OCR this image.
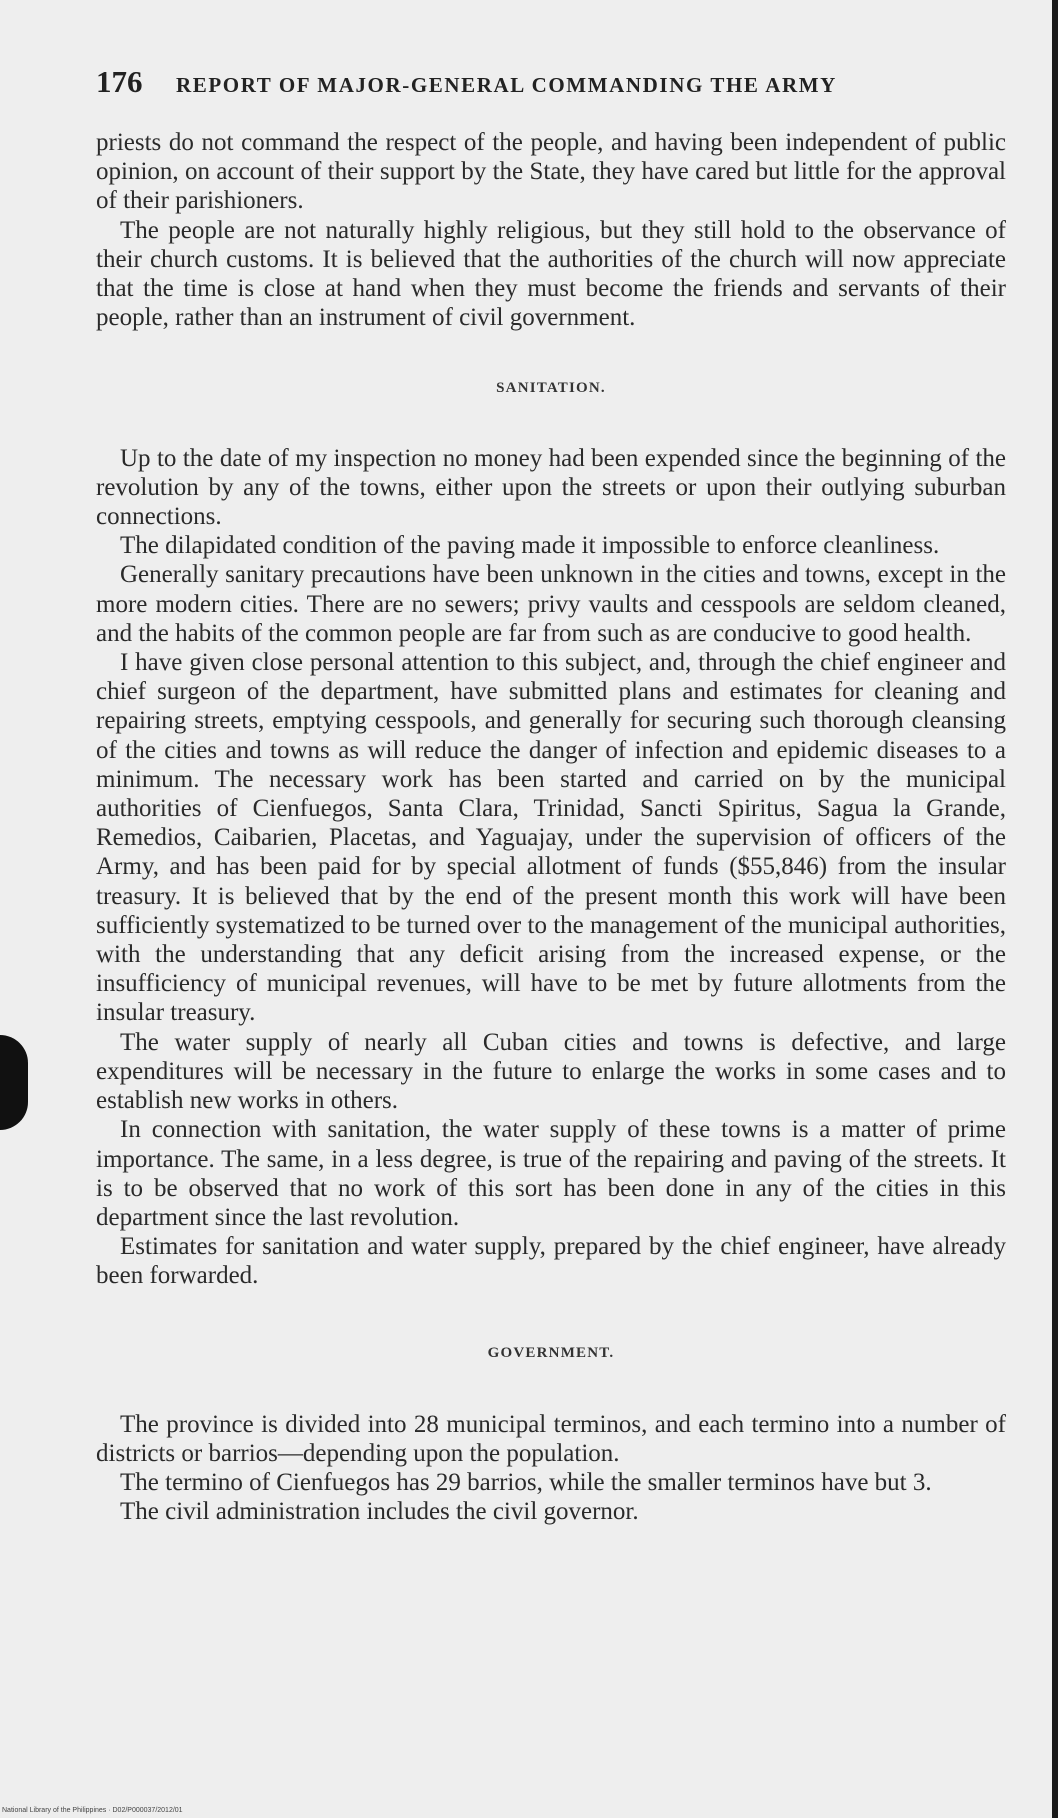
176	REPORT OF MAJOR-GENERAL COMMANDING THE ARMY

priests do not command the respect of the people, and having been independent of public opinion, on account of their support by the State, they have cared but little for the approval of their parishioners.

The people are not naturally highly religious, but they still hold to the observance of their church customs. It is believed that the authorities of the church will now appreciate that the time is close at hand when they must become the friends and servants of their people, rather than an instrument of civil government.

SANITATION.

Up to the date of my inspection no money had been expended since the beginning of the revolution by any of the towns, either upon the streets or upon their outlying suburban connections.

The dilapidated condition of the paving made it impossible to enforce cleanliness.

Generally sanitary precautions have been unknown in the cities and towns, except in the more modern cities. There are no sewers; privy vaults and cesspools are seldom cleaned, and the habits of the common people are far from such as are conducive to good health.

I have given close personal attention to this subject, and, through the chief engineer and chief surgeon of the department, have submitted plans and estimates for cleaning and repairing streets, emptying cesspools, and generally for securing such thorough cleansing of the cities and towns as will reduce the danger of infection and epidemic diseases to a minimum. The necessary work has been started and carried on by the municipal authorities of Cienfuegos, Santa Clara, Trinidad, Sancti Spiritus, Sagua la Grande, Remedios, Caibarien, Placetas, and Yaguajay, under the supervision of officers of the Army, and has been paid for by special allotment of funds ($55,846) from the insular treasury. It is believed that by the end of the present month this work will have been sufficiently systematized to be turned over to the management of the municipal authorities, with the understanding that any deficit arising from the increased expense, or the insufficiency of municipal revenues, will have to be met by future allotments from the insular treasury.

The water supply of nearly all Cuban cities and towns is defective, and large expenditures will be necessary in the future to enlarge the works in some cases and to establish new works in others.

In connection with sanitation, the water supply of these towns is a matter of prime importance. The same, in a less degree, is true of the repairing and paving of the streets. It is to be observed that no work of this sort has been done in any of the cities in this department since the last revolution.

Estimates for sanitation and water supply, prepared by the chief engineer, have already been forwarded.

GOVERNMENT.

The province is divided into 28 municipal terminos, and each termino into a number of districts or barrios—depending upon the population.

The termino of Cienfuegos has 29 barrios, while the smaller terminos have but 3.

The civil administration includes the civil governor.

National Library of the Philippines · D02/P000037/2012/01
